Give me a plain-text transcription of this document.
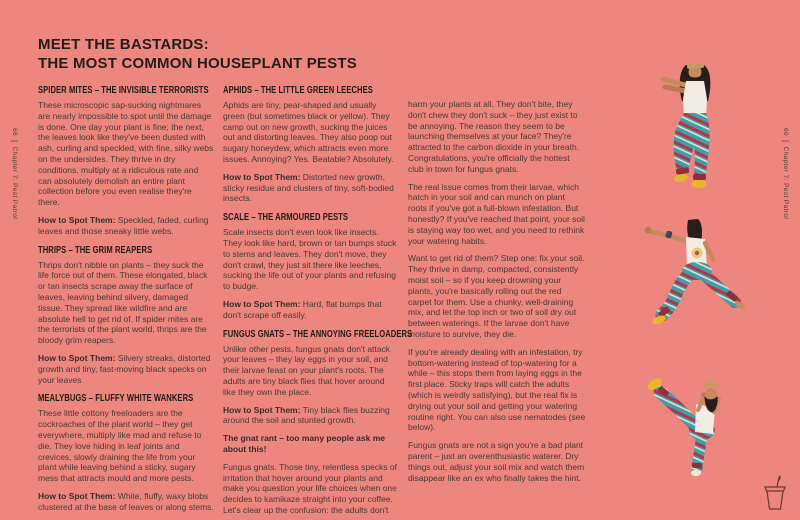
68|Chapter 7: Pest Patrol
69|Chapter 7: Pest Patrol
MEET THE BASTARDS:
THE MOST COMMON HOUSEPLANT PESTS
SPIDER MITES – THE INVISIBLE TERRORISTS

These microscopic sap-sucking nightmares are nearly impossible to spot until the damage is done. One day your plant is fine; the next, the leaves look like they've been dusted with ash, curling and speckled, with fine, silky webs on the undersides. They thrive in dry conditions, multiply at a ridiculous rate and can absolutely demolish an entire plant collection before you even realise they're there.

How to Spot Them: Speckled, faded, curling leaves and those sneaky little webs.

THRIPS – THE GRIM REAPERS

Thrips don't nibble on plants – they suck the life force out of them. These elongated, black or tan insects scrape away the surface of leaves, leaving behind silvery, damaged tissue. They spread like wildfire and are absolute hell to get rid of. If spider mites are the terrorists of the plant world, thrips are the bloody grim reapers.

How to Spot Them: Silvery streaks, distorted growth and tiny, fast-moving black specks on your leaves

MEALYBUGS – FLUFFY WHITE WANKERS

These little cottony freeloaders are the cockroaches of the plant world – they get everywhere, multiply like mad and refuse to die. They love hiding in leaf joints and crevices, slowly draining the life from your plant while leaving behind a sticky, sugary mess that attracts mould and more pests.

How to Spot Them: White, fluffy, waxy blobs clustered at the base of leaves or along stems.

APHIDS – THE LITTLE GREEN LEECHES

Aphids are tiny, pear-shaped and usually green (but sometimes black or yellow). They camp out on new growth, sucking the juices out and distorting leaves. They also poop out sugary honeydew, which attracts even more issues. Annoying? Yes. Beatable? Absolutely.

How to Spot Them: Distorted new growth, sticky residue and clusters of tiny, soft-bodied insects.

SCALE – THE ARMOURED PESTS

Scale insects don't even look like insects. They look like hard, brown or tan bumps stuck to stems and leaves. They don't move, they don't crawl, they just sit there like leeches, sucking the life out of your plants and refusing to budge.

How to Spot Them: Hard, flat bumps that don't scrape off easily.

FUNGUS GNATS – THE ANNOYING FREELOADERS

Unlike other pests, fungus gnats don't attack your leaves – they lay eggs in your soil, and their larvae feast on your plant's roots. The adults are tiny black flies that hover around like they own the place.

How to Spot Them: Tiny black flies buzzing around the soil and stunted growth.

The gnat rant – too many people ask me about this!

Fungus gnats. Those tiny, relentless specks of irritation that hover around your plants and make you question your life choices when one decides to kamikaze straight into your coffee. Let's clear up the confusion: the adults don't

harm your plants at all. They don't bite, they don't chew they don't suck – they just exist to be annoying. The reason they seem to be launching themselves at your face? They're attracted to the carbon dioxide in your breath. Congratulations, you're officially the hottest club in town for fungus gnats.

The real issue comes from their larvae, which hatch in your soil and can munch on plant roots if you've got a full-blown infestation. But honestly? If you've reached that point, your soil is staying way too wet, and you need to rethink your watering habits.

Want to get rid of them? Step one: fix your soil. They thrive in damp, compacted, consistently moist soil – so if you keep drowning your plants, you're basically rolling out the red carpet for them. Use a chunky, well-draining mix, and let the top inch or two of soil dry out between waterings. If the larvae don't have moisture to survive, they die.

If you're already dealing with an infestation, try bottom-watering instead of top-watering for a while – this stops them from laying eggs in the first place. Sticky traps will catch the adults (which is weirdly satisfying), but the real fix is drying out your soil and getting your watering routine right. You can also use nematodes (see below).

Fungus gnats are not a sign you're a bad plant parent – just an overenthusiastic waterer. Dry things out, adjust your soil mix and watch them disappear like an ex who finally takes the hint.
